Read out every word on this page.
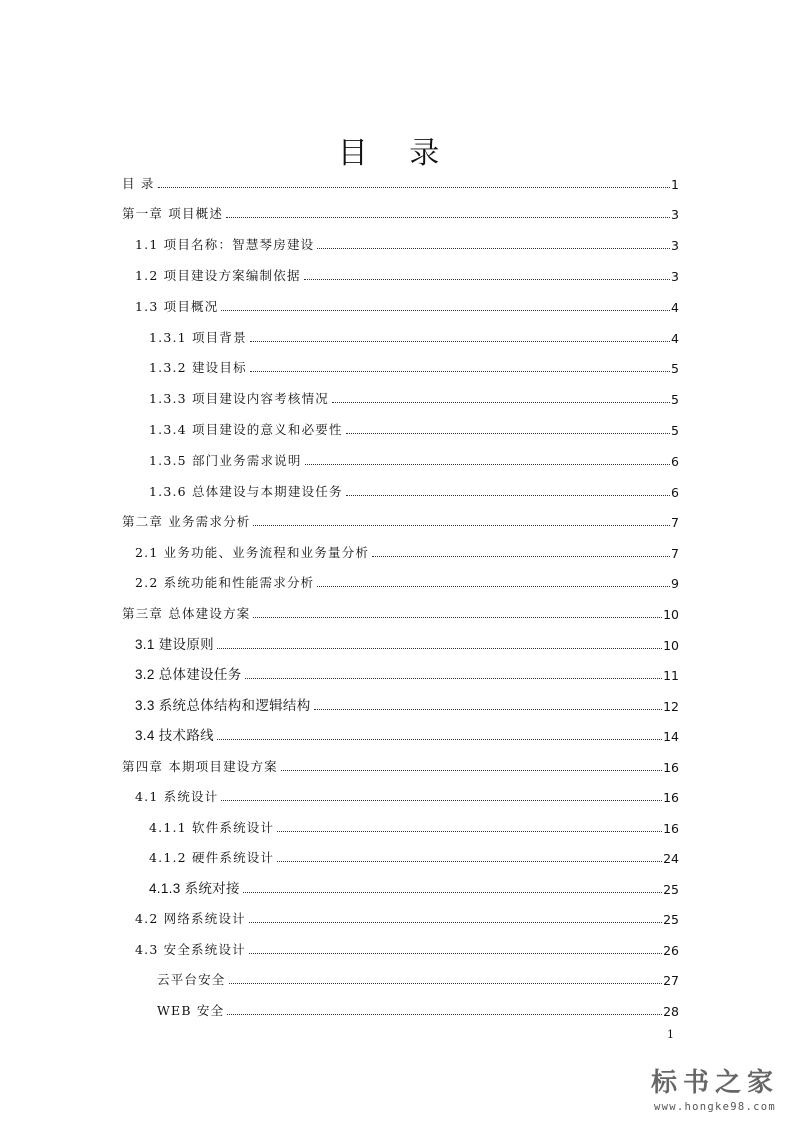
目 录
目 录	1
第一章 项目概述	3
1.1 项目名称：智慧琴房建设	3
1.2 项目建设方案编制依据	3
1.3 项目概况	4
1.3.1 项目背景	4
1.3.2 建设目标	5
1.3.3 项目建设内容考核情况	5
1.3.4 项目建设的意义和必要性	5
1.3.5 部门业务需求说明	6
1.3.6 总体建设与本期建设任务	6
第二章 业务需求分析	7
2.1 业务功能、业务流程和业务量分析	7
2.2 系统功能和性能需求分析	9
第三章 总体建设方案	10
3.1 建设原则	10
3.2 总体建设任务	11
3.3 系统总体结构和逻辑结构	12
3.4 技术路线	14
第四章 本期项目建设方案	16
4.1 系统设计	16
4.1.1 软件系统设计	16
4.1.2 硬件系统设计	24
4.1.3 系统对接	25
4.2 网络系统设计	25
4.3 安全系统设计	26
云平台安全	27
WEB 安全	28
1
标书之家
www.hongke98.com
